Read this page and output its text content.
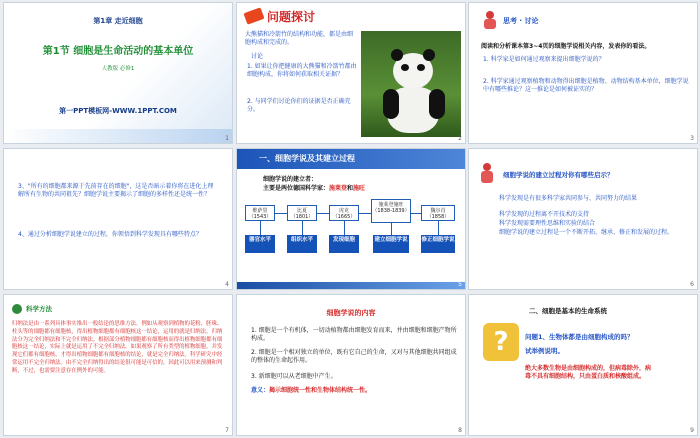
第1章 走近细胞
第1节 细胞是生命活动的基本单位
人教版 必修1
第一PPT模板网-WWW.1PPT.COM
1
问题探讨
大熊猫和冷箭竹的结构和功能，都是由细胞构成和完成的。
讨论
1. 如果让你把健康的大熊猫和冷箭竹都由细胞构成，你将如何获取相关证据？
2. 与同学们讨论你们的证据是否正确充分。
2
思考 · 讨论
阅读和分析课本第3~4页的细胞学说相关内容，发表你的看法。
1. 科学家是如何通过观察来提出细胞学说的？
2. 科学家通过观察植物和动物得出细胞是植物、动物结构基本单位，细胞学说中有哪些推论？这一推论是如何被证实的？
3
3、"所有的细胞都来源于先前存在的细胞"，这是否暗示着你将在进化上理解所有生物的共同祖先？细胞学说主要揭示了细胞的多样性还是统一性？
4、通过分析细胞学说建立的过程，你领悟到科学发现具有哪些特点？
4
一、细胞学说及其建立过程
细胞学说的建立者：
主要是两位德国科学家：施莱登和施旺
维萨里（1543）
比夏（1801）
虎克（1665）
施莱登施旺（1838-1839）	魏尔肖（1858）
器官水平	组织水平	发现细胞	建立细胞学说	修正细胞学说
5
细胞学说的建立过程对你有哪些启示？
科学发现是有很多科学家共同参与、共同努力的结果
科学发现的过程离不开技术的支持
科学发现需要理性思维和实验的结合
细胞学说的建立过程是一个不断开拓、继承、修正和发展的过程。
6
科学方法
归纳法是由一系列具体事实推出一般结论的思维方法。例如从观察到植物的花粉、胚珠、柱头等的细胞都有细胞核，得出植物细胞都有细胞核这一结论，运用的就是归纳法。归纳法分为完全归纳法和不完全归纳法。根据部分植物细胞都有细胞核而得出植物细胞都有细胞核这一结论，实际上就是运用了不完全归纳法。如果观察了所有类型的植物细胞，并发现它们都有细胞核，才得出植物细胞都有细胞核的结论，就是完全归纳法。科学研究中经常运用不完全归纳法。由不完全归纳得出的结论很可能是可信的，因此可以用来预测和判断，不过，也需要注意存在例外的可能。
7
细胞学说的内容
1. 细胞是一个有机体，一切动植物都由细胞发育而来，并由细胞和细胞产物所构成。
2. 细胞是一个相对独立的单位，既有它自己的生命，又对与其他细胞共同组成的整体的生命起作用。
3. 新细胞可以从老细胞中产生。
意义：揭示细胞统一性和生物体结构统一性。
8
二、细胞是基本的生命系统
?	问题1、生物体都是由细胞构成的吗？
试举例说明。
绝大多数生物是由细胞构成的，但病毒除外，病毒不具有细胞结构，只由蛋白质和核酸组成。
9
